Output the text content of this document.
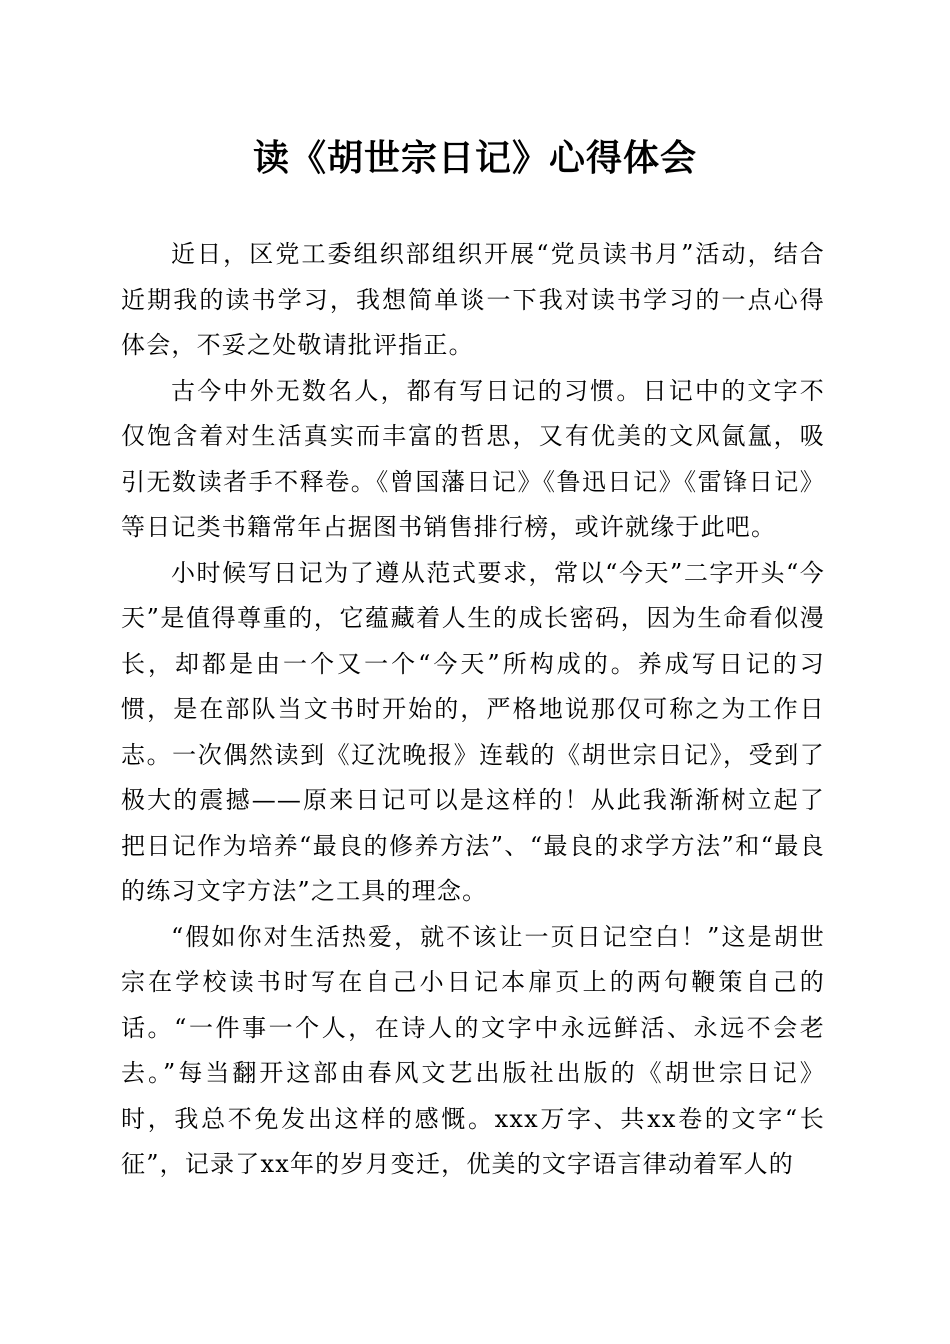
读《胡世宗日记》心得体会

近日，区党工委组织部组织开展“党员读书月”活动，结合近期我的读书学习，我想简单谈一下我对读书学习的一点心得体会，不妥之处敬请批评指正。

古今中外无数名人，都有写日记的习惯。日记中的文字不仅饱含着对生活真实而丰富的哲思，又有优美的文风氤氲，吸引无数读者手不释卷。《曾国藩日记》《鲁迅日记》《雷锋日记》等日记类书籍常年占据图书销售排行榜，或许就缘于此吧。

小时候写日记为了遵从范式要求，常以“今天”二字开头“今天”是值得尊重的，它蕴藏着人生的成长密码，因为生命看似漫长，却都是由一个又一个“今天”所构成的。养成写日记的习惯，是在部队当文书时开始的，严格地说那仅可称之为工作日志。一次偶然读到《辽沈晚报》连载的《胡世宗日记》，受到了极大的震撼——原来日记可以是这样的！从此我渐渐树立起了把日记作为培养“最良的修养方法”、“最良的求学方法”和“最良的练习文字方法”之工具的理念。

“假如你对生活热爱，就不该让一页日记空白！”这是胡世宗在学校读书时写在自己小日记本扉页上的两句鞭策自己的话。“一件事一个人，在诗人的文字中永远鲜活、永远不会老去。”每当翻开这部由春风文艺出版社出版的《胡世宗日记》时，我总不免发出这样的感慨。xxx万字、共xx卷的文字“长征”，记录了xx年的岁月变迁，优美的文字语言律动着军人的
